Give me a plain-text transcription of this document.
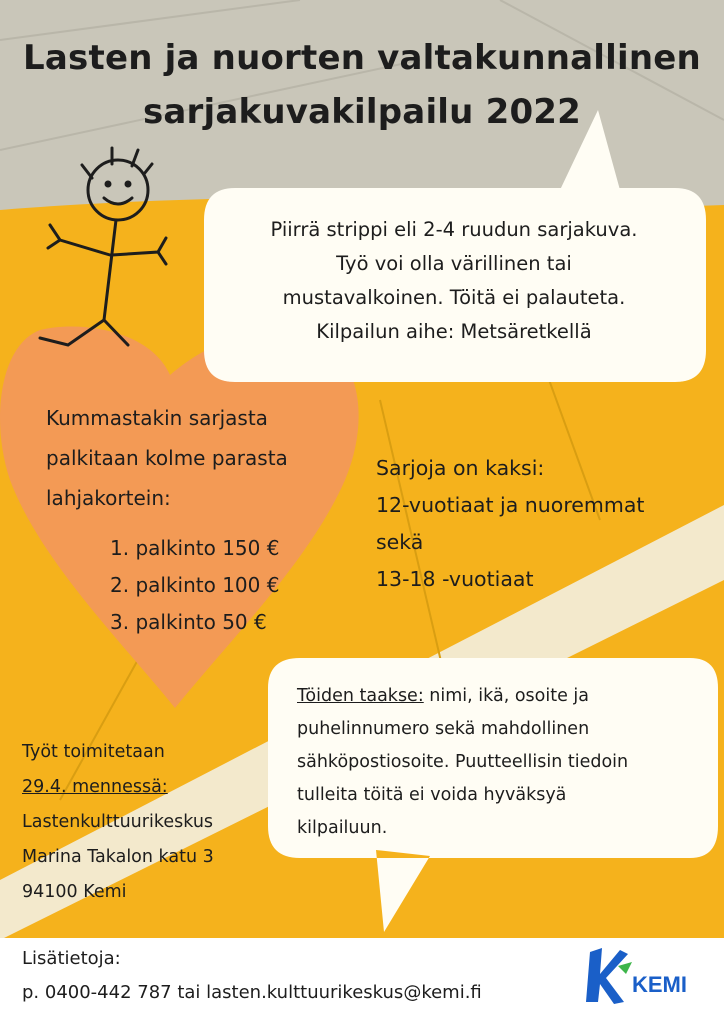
Lasten ja nuorten valtakunnallinen
sarjakuvakilpailu 2022
Piirrä strippi eli 2-4 ruudun sarjakuva.
Työ voi olla värillinen tai
mustavalkoinen. Töitä ei palauteta.
Kilpailun aihe: Metsäretkellä
Kummastakin sarjasta
palkitaan kolme parasta
lahjakortein:
1. palkinto 150 €
2. palkinto 100 €
3. palkinto 50 €
Sarjoja on kaksi:
12-vuotiaat ja nuoremmat
sekä
13-18 -vuotiaat
Töiden taakse: nimi, ikä, osoite ja
puhelinnumero sekä mahdollinen
sähköpostiosoite. Puutteellisin tiedoin
tulleita töitä ei voida hyväksyä
kilpailuun.
Työt toimitetaan
29.4. mennessä:
Lastenkulttuurikeskus
Marina Takalon katu 3
94100 Kemi
Lisätietoja:
p. 0400-442 787 tai lasten.kulttuurikeskus@kemi.fi	KEMI
